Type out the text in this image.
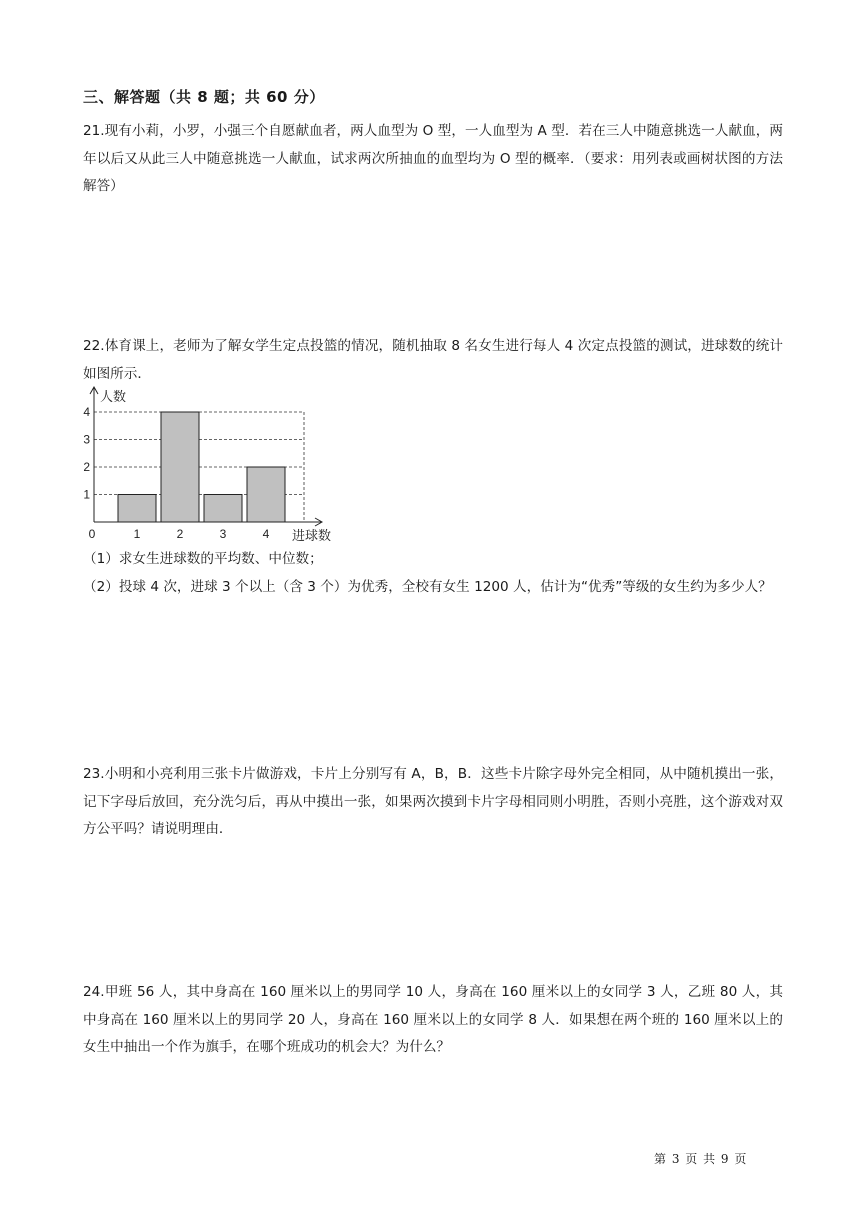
三、解答题（共 8 题；共 60 分）

21.现有小莉，小罗，小强三个自愿献血者，两人血型为 O 型，一人血型为 A 型．若在三人中随意挑选一人献血，两年以后又从此三人中随意挑选一人献血，试求两次所抽血的血型均为 O 型的概率．（要求：用列表或画树状图的方法解答）

22.体育课上，老师为了解女学生定点投篮的情况，随机抽取 8 名女生进行每人 4 次定点投篮的测试，进球数的统计如图所示．

1
2
3
4
1	2	3	4
0
人数
进球数

（1）求女生进球数的平均数、中位数；

（2）投球 4 次，进球 3 个以上（含 3 个）为优秀，全校有女生 1200 人，估计为“优秀”等级的女生约为多少人？

23.小明和小亮利用三张卡片做游戏，卡片上分别写有 A，B，B．这些卡片除字母外完全相同，从中随机摸出一张，记下字母后放回，充分洗匀后，再从中摸出一张，如果两次摸到卡片字母相同则小明胜，否则小亮胜，这个游戏对双方公平吗？请说明理由．

24.甲班 56 人，其中身高在 160 厘米以上的男同学 10 人，身高在 160 厘米以上的女同学 3 人，乙班 80 人，其中身高在 160 厘米以上的男同学 20 人，身高在 160 厘米以上的女同学 8 人．如果想在两个班的 160 厘米以上的女生中抽出一个作为旗手，在哪个班成功的机会大？为什么？

第 3 页 共 9 页
